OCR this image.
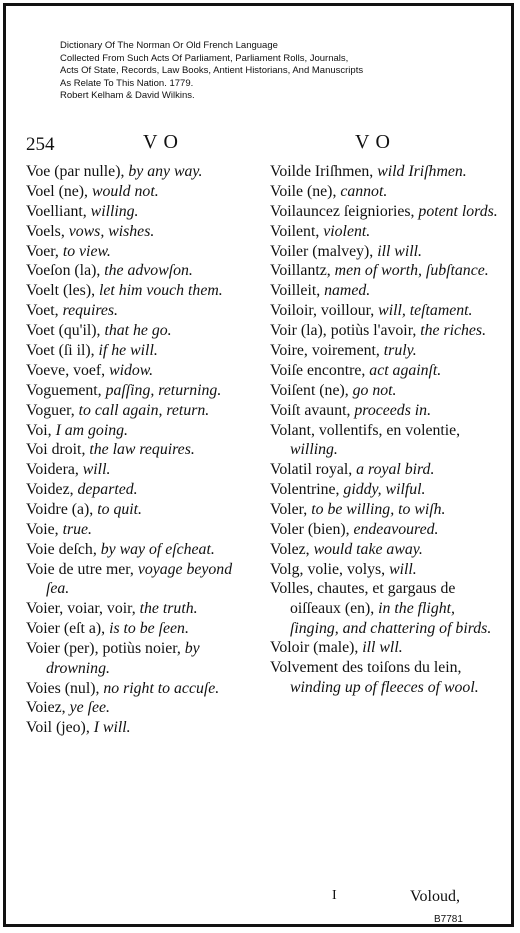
Dictionary Of The Norman Or Old French Language
Collected From Such Acts Of Parliament, Parliament Rolls, Journals,
Acts Of State, Records, Law Books, Antient Historians, And Manuscripts
As Relate To This Nation. 1779.
Robert Kelham & David Wilkins.
254	VO	VO
Voe (par nulle), by any way.
Voel (ne), would not.
Voelliant, willing.
Voels, vows, wishes.
Voer, to view.
Voeſon (la), the advowſon.
Voelt (les), let him vouch them.
Voet, requires.
Voet (qu'il), that he go.
Voet (ſi il), if he will.
Voeve, voef, widow.
Voguement, paſſing, returning.
Voguer, to call again, return.
Voi, I am going.
Voi droit, the law requires.
Voidera, will.
Voidez, departed.
Voidre (a), to quit.
Voie, true.
Voie deſch, by way of eſcheat.
Voie de utre mer, voyage beyond ſea.
Voier, voiar, voir, the truth.
Voier (eſt a), is to be ſeen.
Voier (per), potiùs noier, by drowning.
Voies (nul), no right to accuſe.
Voiez, ye ſee.
Voil (jeo), I will.
Voilde Iriſhmen, wild Iriſhmen.
Voile (ne), cannot.
Voilauncez ſeigniories, potent lords.
Voilent, violent.
Voiler (malvey), ill will.
Voillantz, men of worth, ſubſtance.
Voilleit, named.
Voiloir, voillour, will, teſtament.
Voir (la), potiùs l'avoir, the riches.
Voire, voirement, truly.
Voiſe encontre, act againſt.
Voiſent (ne), go not.
Voiſt avaunt, proceeds in.
Volant, vollentifs, en volentie, willing.
Volatil royal, a royal bird.
Volentrine, giddy, wilful.
Voler, to be willing, to wiſh.
Voler (bien), endeavoured.
Volez, would take away.
Volg, volie, volys, will.
Volles, chautes, et gargaus de oiſſeaux (en), in the flight, ſinging, and chattering of birds.
Voloir (male), ill wll.
Volvement des toiſons du lein, winding up of fleeces of wool.
I	Voloud,
B7781
